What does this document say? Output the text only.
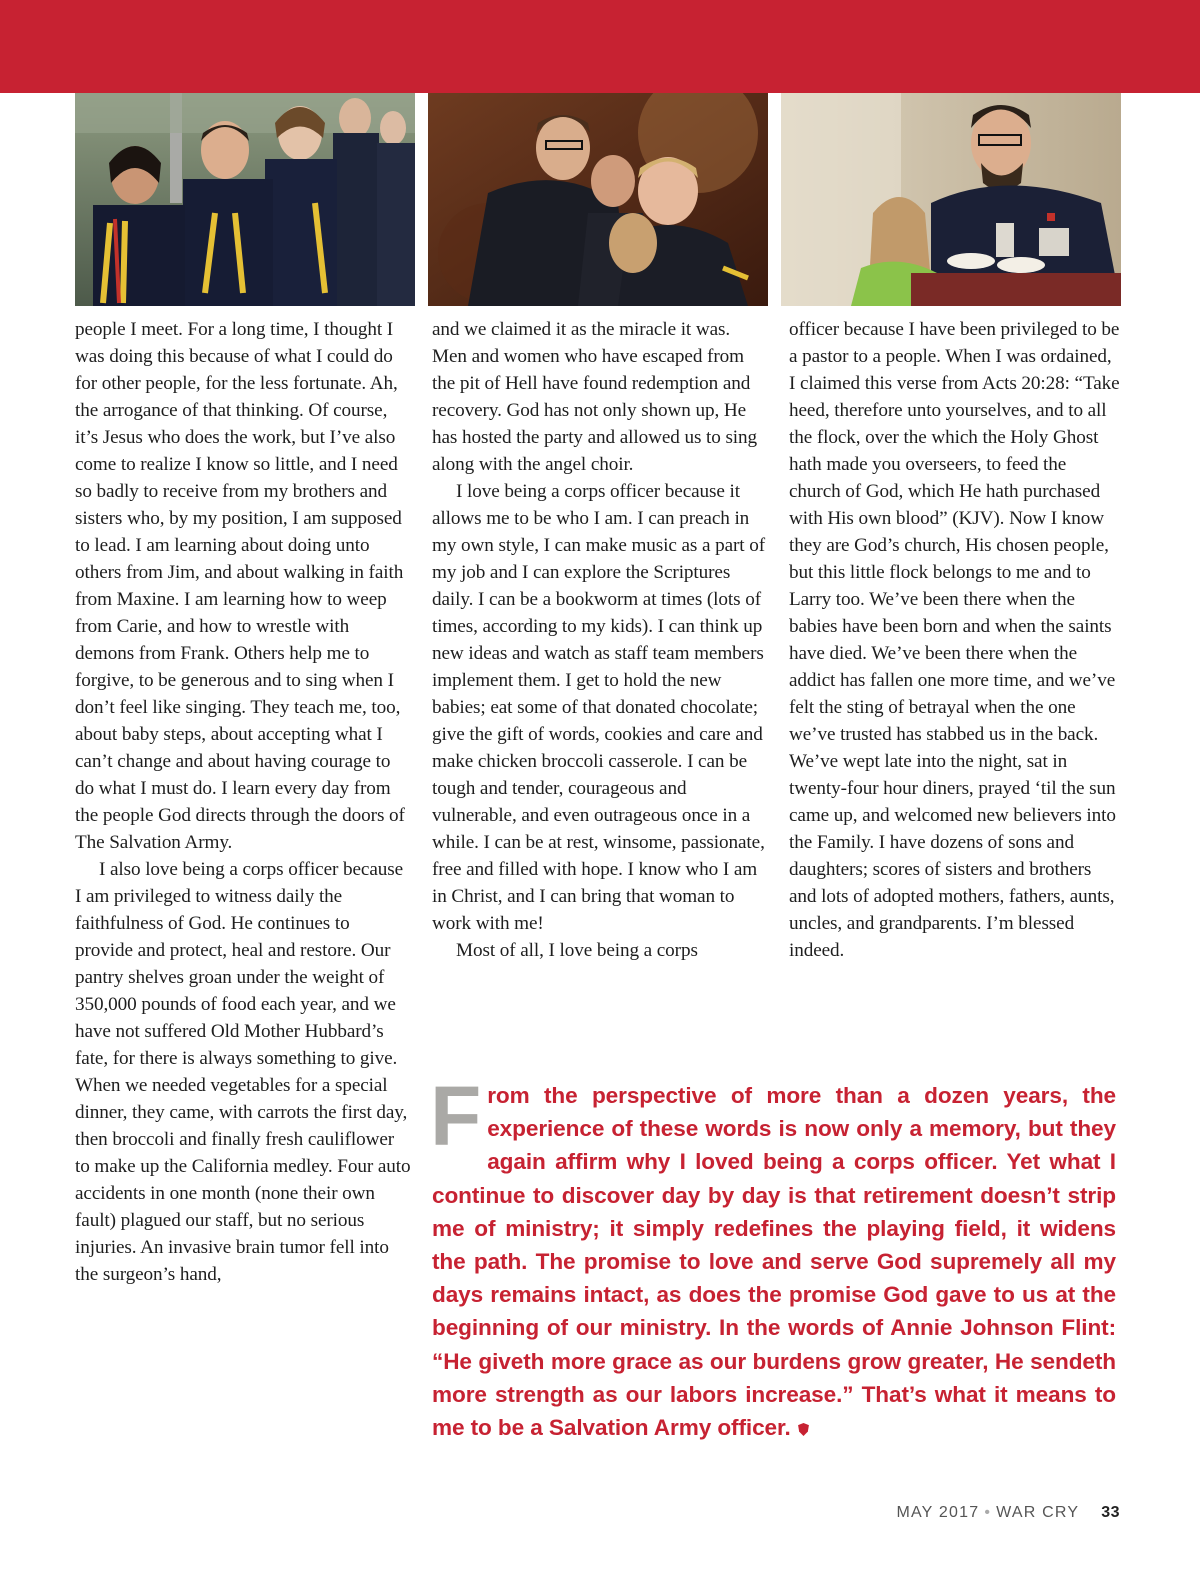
people I meet. For a long time, I thought I was doing this because of what I could do for other people, for the less fortunate. Ah, the arrogance of that thinking. Of course, it’s Jesus who does the work, but I’ve also come to realize I know so little, and I need so badly to receive from my brothers and sisters who, by my position, I am supposed to lead. I am learning about doing unto others from Jim, and about walking in faith from Maxine. I am learning how to weep from Carie, and how to wrestle with demons from Frank. Others help me to forgive, to be generous and to sing when I don’t feel like singing. They teach me, too, about baby steps, about accepting what I can’t change and about having courage to do what I must do. I learn every day from the people God directs through the doors of The Salvation Army.

I also love being a corps officer because I am privileged to witness daily the faithfulness of God. He continues to provide and protect, heal and restore. Our pantry shelves groan under the weight of 350,000 pounds of food each year, and we have not suffered Old Mother Hubbard’s fate, for there is always something to give. When we needed vegetables for a special dinner, they came, with carrots the first day, then broccoli and finally fresh cauliflower to make up the California medley. Four auto accidents in one month (none their own fault) plagued our staff, but no serious injuries. An invasive brain tumor fell into the surgeon’s hand,

and we claimed it as the miracle it was. Men and women who have escaped from the pit of Hell have found redemption and recovery. God has not only shown up, He has hosted the party and allowed us to sing along with the angel choir.

I love being a corps officer because it allows me to be who I am. I can preach in my own style, I can make music as a part of my job and I can explore the Scriptures daily. I can be a bookworm at times (lots of times, according to my kids). I can think up new ideas and watch as staff team members implement them. I get to hold the new babies; eat some of that donated chocolate; give the gift of words, cookies and care and make chicken broccoli casserole. I can be tough and tender, courageous and vulnerable, and even outrageous once in a while. I can be at rest, winsome, passionate, free and filled with hope. I know who I am in Christ, and I can bring that woman to work with me!

Most of all, I love being a corps

officer because I have been privileged to be a pastor to a people. When I was ordained, I claimed this verse from Acts 20:28: “Take heed, therefore unto yourselves, and to all the flock, over the which the Holy Ghost hath made you overseers, to feed the church of God, which He hath purchased with His own blood” (KJV). Now I know they are God’s church, His chosen people, but this little flock belongs to me and to Larry too. We’ve been there when the babies have been born and when the saints have died. We’ve been there when the addict has fallen one more time, and we’ve felt the sting of betrayal when the one we’ve trusted has stabbed us in the back. We’ve wept late into the night, sat in twenty-four hour diners, prayed ‘til the sun came up, and welcomed new believers into the Family. I have dozens of sons and daughters; scores of sisters and brothers and lots of adopted mothers, fathers, aunts, uncles, and grandparents. I’m blessed indeed.

From the perspective of more than a dozen years, the experience of these words is now only a memory, but they again affirm why I loved being a corps officer. Yet what I continue to discover day by day is that retirement doesn’t strip me of ministry; it simply redefines the playing field, it widens the path. The promise to love and serve God supremely all my days remains intact, as does the promise God gave to us at the beginning of our ministry. In the words of Annie Johnson Flint: “He giveth more grace as our burdens grow greater, He sendeth more strength as our labors increase.” That’s what it means to me to be a Salvation Army officer.
MAY 2017 • WAR CRY 33
